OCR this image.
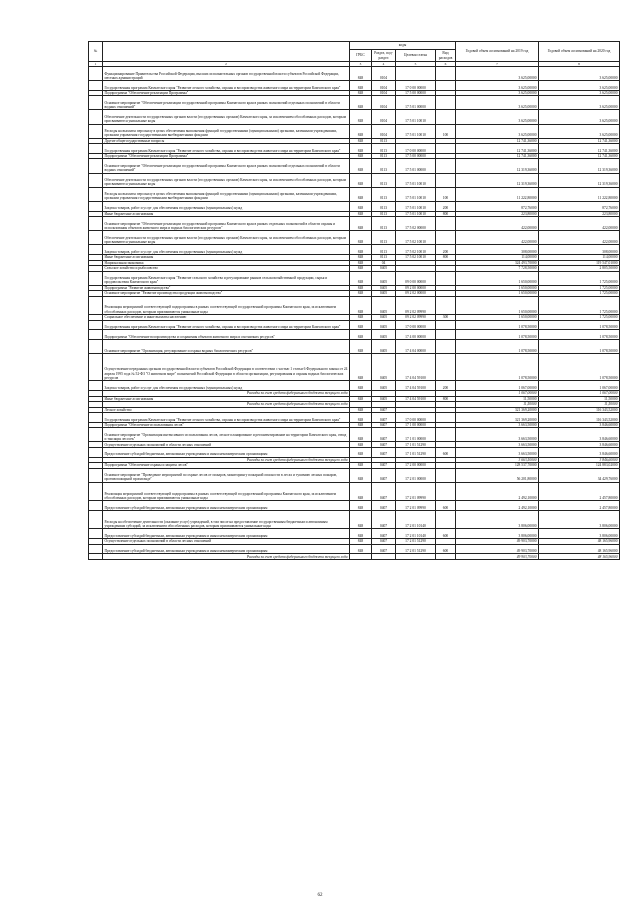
№		коды				Годовой объем ассигнований на 2019 год	Годовой объем ассигнований на 2020 год
		ГРБС	Раздел, под-раздел	Целевая статья	Вид расходов		
1	2	3	4	5	6	7	8
	Функционирование Правительства Российской Федерации, высших исполнительных органов государственной власти субъектов Российской Федерации, местных администраций	848	0104			3 625,00000	3 625,00000
	Государственная программа Камчатского края "Развитие лесного хозяйства, охраны и воспроизводства животного мира на территории Камчатского края"	848	0104	17 0 00 00000		3 625,00000	3 625,00000
	Подпрограмма "Обеспечение реализации Программы"	848	0104	17 5 00 00000		3 625,00000	3 625,00000
	Основное мероприятие "Обеспечение реализации государственной программы Камчатского края в рамках полномочий отдельных полномочий в области водных отношений"	848	0104	17 5 01 00000		3 625,00000	3 625,00000
	Обеспечение деятельности государственных органов власти (государственных органов) Камчатского края, за исключением обособленных расходов, которым присваиваются уникальные коды	848	0104	17 5 01 10010		3 625,00000	3 625,00000
	Расходы на выплаты персоналу в целях обеспечения выполнения функций государственными (муниципальными) органами, казенными учреждениями, органами управления государственными внебюджетными фондами	848	0104	17 5 01 10010	100	3 625,00000	3 625,00000
	Другие общегосударственные вопросы	848	0113			12 741,36000	12 741,36000
	Государственная программа Камчатского края "Развитие лесного хозяйства, охраны и воспроизводства животного мира на территории Камчатского края"	848	0113	17 0 00 00000		12 741,36000	12 741,36000
	Подпрограмма "Обеспечение реализации Программы"	848	0113	17 5 00 00000		12 741,36000	12 741,36000
	Основное мероприятие "Обеспечение реализации государственной программы Камчатского края в рамках полномочий отдельных полномочий в области водных отношений"	848	0113	17 5 01 00000		12 319,36000	12 319,36000
	Обеспечение деятельности государственных органов власти (государственных органов) Камчатского края, за исключением обособленных расходов, которым присваиваются уникальные коды	848	0113	17 5 01 10010		12 319,36000	12 319,36000
	Расходы на выплаты персоналу в целях обеспечения выполнения функций государственными (муниципальными) органами, казенными учреждениями, органами управления государственными внебюджетными фондами	848	0113	17 5 01 10010	100	11 222,80000	11 222,80000
	Закупка товаров, работ и услуг для обеспечения государственных (муниципальных) нужд	848	0113	17 5 01 10010	200	872,76000	872,76000
	Иные бюджетные ассигнования	848	0113	17 5 01 10010	800	223,80000	223,80000
	Основное мероприятие "Обеспечение реализации государственной программы Камчатского края в рамках отдельных полномочий в области охраны и использования объектов животного мира и водных биологических ресурсов"	848	0113	17 5 02 00000		422,00000	422,00000
	Обеспечение деятельности государственных органов власти (государственных органов) Камчатского края, за исключением обособленных расходов, которым присваиваются уникальные коды	848	0113	17 5 02 10010		422,00000	422,00000
	Закупка товаров, работ и услуг для обеспечения государственных (муниципальных) нужд	848	0113	17 5 02 10010	200	308,00000	308,00000
	Иные бюджетные ассигнования	848	0113	17 5 02 10010	800	114,00000	114,00000
	Национальная экономика	848	04			324 493,70000	119 547,01000
	Сельское хозяйство и рыболовство	848	0405			7 728,50000	2 805,50000
	Государственная программа Камчатского края "Развитие сельского хозяйства и регулирование рынков сельскохозяйственной продукции, сырья и продовольствия Камчатского края"	848	0405	09 0 00 00000		1 650,00000	1 725,00000
	Подпрограмма "Развитие животноводства"	848	0405	09 2 00 00000		1 650,00000	1 725,00000
	Основное мероприятие "Развитие производства продукции животноводства"	848	0405	09 2 02 00000		1 650,00000	1 725,00000
	Реализация мероприятий соответствующей подпрограммы в рамках соответствующей государственной программы Камчатского края, за исключением обособленных расходов, которым присваиваются уникальные коды	848	0405	09 2 02 09990		1 650,00000	1 725,00000
	Социальное обеспечение и иные выплаты населению	848	0405	09 2 02 09990	300	1 650,00000	1 725,00000
	Государственная программа Камчатского края "Развитие лесного хозяйства, охраны и воспроизводства животного мира на территории Камчатского края"	848	0405	17 0 00 00000		1 078,50000	1 078,50000
	Подпрограмма "Обеспечение воспроизводства и сохранения объектов животного мира и охотничьих ресурсов"	848	0405	17 4 00 00000		1 078,50000	1 078,50000
	Основное мероприятие "Организация, регулирование и охрана водных биологических ресурсов"	848	0405	17 4 04 00000		1 078,50000	1 078,50000
	Осуществление переданных органам государственной власти субъектов Российской Федерации в соответствии с частью 1 статьи 6 Федерального закона от 24 апреля 1995 года № 52-ФЗ "О животном мире" полномочий Российской Федерации в области организации, регулирования и охраны водных биологических ресурсов	848	0405	17 4 04 59100		1 078,50000	1 078,50000
	Закупка товаров, работ и услуг для обеспечения государственных (муниципальных) нужд	848	0405	17 4 04 59100	200	1 067,00000	1 067,00000
	Расходы за счет средств федерального бюджета текущего года					1 067,00000	1 067,00000
	Иные бюджетные ассигнования	848	0405	17 4 04 59100	800	11,50000	11,50000
	Расходы за счет средств федерального бюджета текущего года					11,50000	11,50000
	Лесное хозяйство	848	0407			321 369,20000	116 343,52000
	Государственная программа Камчатского края "Развитие лесного хозяйства, охраны и воспроизводства животного мира на территории Камчатского края"	848	0407	17 0 00 00000		321 369,20000	116 343,52000
	Подпрограмма "Обеспечение использования лесов"	848	0407	17 1 00 00000		3 663,50000	3 846,60000
	Основное мероприятие "Организация интенсивного использования лесов, лесное планирование и регламентирование на территории Камчатского края, отвод и таксация лесосек"	848	0407	17 1 01 00000		3 663,50000	3 846,60000
	Осуществление отдельных полномочий в области лесных отношений	848	0407	17 1 01 51290		3 663,50000	3 846,60000
	Предоставление субсидий бюджетным, автономным учреждениям и иным некоммерческим организациям	848	0407	17 1 01 51290	600	3 663,50000	3 846,60000
	Расходы за счет средств федерального бюджета текущего года					3 663,50000	3 846,60000
	Подпрограмма "Обеспечение охраны и защиты лесов"	848	0407	17 2 00 00000		128 537,70000	124 883,02000
	Основное мероприятие "Проведение мероприятий по охране лесов от пожаров, мониторингу пожарной опасности в лесах и тушению лесных пожаров, противопожарной пропаганде"	848	0407	17 2 01 00000		56 201,80000	34 429,76000
	Реализация мероприятий соответствующей подпрограммы в рамках соответствующей государственной программы Камчатского края, за исключением обособленных расходов, которым присваиваются уникальные коды	848	0407	17 2 01 09990		2 492,10000	2 457,80000
	Предоставление субсидий бюджетным, автономным учреждениям и иным некоммерческим организациям	848	0407	17 2 01 09990	600	2 492,10000	2 457,80000
	Расходы на обеспечение деятельности (оказание услуг) учреждений, в том числе на предоставление государственным бюджетным и автономным учреждениям субсидий, за исключением обособленных расходов, которым присваиваются уникальные коды	848	0407	17 2 01 10140		3 806,00000	3 806,00000
	Предоставление субсидий бюджетным, автономным учреждениям и иным некоммерческим организациям	848	0407	17 2 01 10140	600	3 806,00000	3 806,00000
	Осуществление отдельных полномочий в области лесных отношений	848	0407	17 2 01 51290		49 903,70000	48 165,96000
	Предоставление субсидий бюджетным, автономным учреждениям и иным некоммерческим организациям	848	0407	17 2 01 51290	600	49 903,70000	48 165,96000
	Расходы за счет средств федерального бюджета текущего года					49 903,70000	48 165,96000
62
